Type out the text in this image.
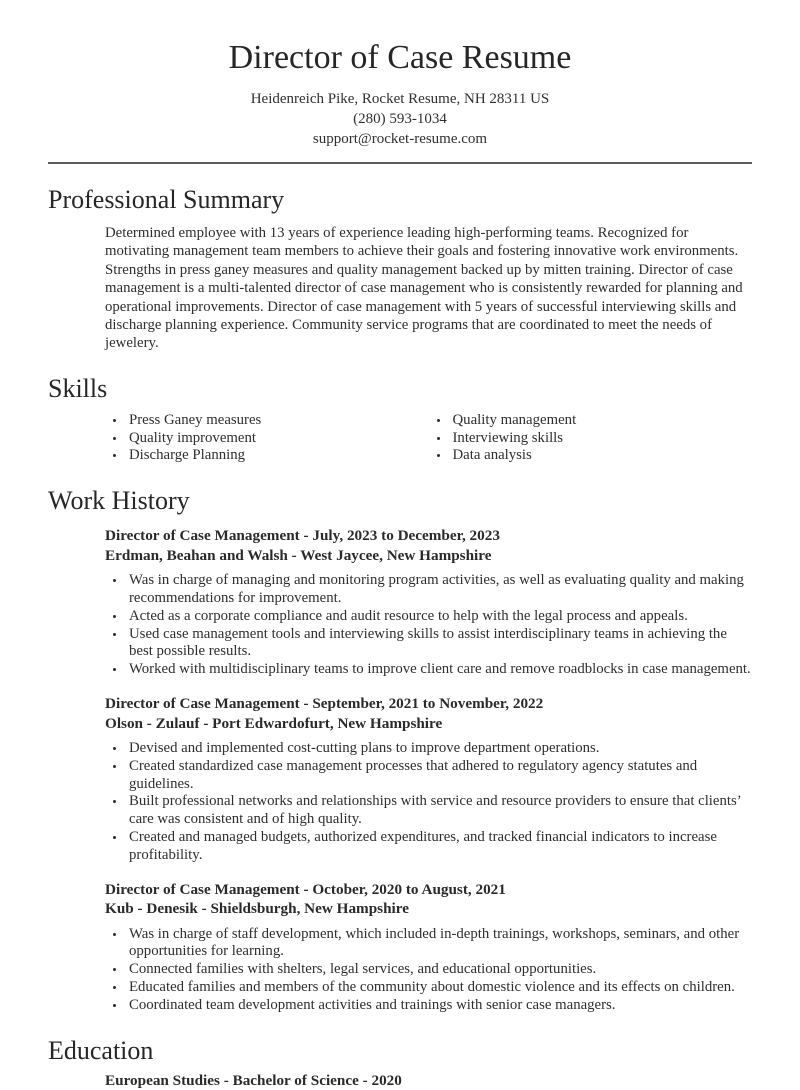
Director of Case Resume
Heidenreich Pike, Rocket Resume, NH 28311 US
(280) 593-1034
support@rocket-resume.com
Professional Summary

Determined employee with 13 years of experience leading high-performing teams. Recognized for motivating management team members to achieve their goals and fostering innovative work environments. Strengths in press ganey measures and quality management backed up by mitten training. Director of case management is a multi-talented director of case management who is consistently rewarded for planning and operational improvements. Director of case management with 5 years of successful interviewing skills and discharge planning experience. Community service programs that are coordinated to meet the needs of jewelery.

Skills
• Press Ganey measures
• Quality improvement
• Discharge Planning
• Quality management
• Interviewing skills
• Data analysis
Work History
Director of Case Management - July, 2023 to December, 2023
Erdman, Beahan and Walsh - West Jaycee, New Hampshire
• Was in charge of managing and monitoring program activities, as well as evaluating quality and making recommendations for improvement.
• Acted as a corporate compliance and audit resource to help with the legal process and appeals.
• Used case management tools and interviewing skills to assist interdisciplinary teams in achieving the best possible results.
• Worked with multidisciplinary teams to improve client care and remove roadblocks in case management.
Director of Case Management - September, 2021 to November, 2022
Olson - Zulauf - Port Edwardofurt, New Hampshire
• Devised and implemented cost-cutting plans to improve department operations.
• Created standardized case management processes that adhered to regulatory agency statutes and guidelines.
• Built professional networks and relationships with service and resource providers to ensure that clients’ care was consistent and of high quality.
• Created and managed budgets, authorized expenditures, and tracked financial indicators to increase profitability.
Director of Case Management - October, 2020 to August, 2021
Kub - Denesik - Shieldsburgh, New Hampshire
• Was in charge of staff development, which included in-depth trainings, workshops, seminars, and other opportunities for learning.
• Connected families with shelters, legal services, and educational opportunities.
• Educated families and members of the community about domestic violence and its effects on children.
• Coordinated team development activities and trainings with senior case managers.
Education
European Studies - Bachelor of Science - 2020
